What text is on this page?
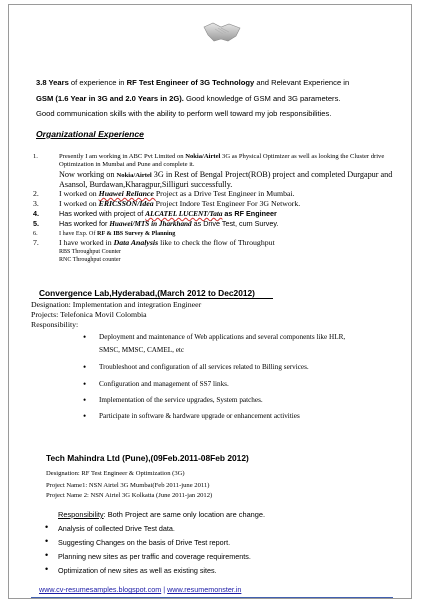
3.8 Years of experience in RF Test Engineer of 3G Technology and Relevant Experience in
GSM (1.6 Year in 3G and 2.0 Years in 2G). Good knowledge of GSM and 3G parameters.
Good communication skills with the ability to perform well toward my job responsibilities.
Organizational Experience
1.	Presently I am working in ABC Pvt Limited on Nokia/Airtel 3G as Physical Optimizer as well as looking the Cluster drive Optimization in Mumbai and Pune and complete it.
Now working on Nokia/Airtel 3G in Rest of Bengal Project(ROB) project and completed Durgapur and Asansol, Burdawan,Kharagpur,Silliguri successfully.
2.	I worked on Huawei Reliance Project as a Drive Test Engineer in Mumbai.
3.	I worked on ERICSSON/Idea Project Indore Test Engineer For 3G Network.
4.	Has worked with project of ALCATEL LUCENT/Tata as RF Engineer
5.	Has worked for Huawei/MTS in Jharkhand as Drive Test, cum Survey.
6.	I have Exp. Of RF & IBS Survey & Planning
7.	I have worked in Data Analysis like to check the flow of Throughput
RBS Throughput Counter
RNC Throughput counter
Convergence Lab,Hyderabad,(March 2012 to Dec2012)
Designation: Implementation and integration Engineer
Projects: Telefonica Movil Colombia
Responsibility:
• Deployment and maintenance of Web applications and several components like HLR,
SMSC, MMSC, CAMEL, etc
• Troubleshoot and configuration of all services related to Billing services.
• Configuration and management of SS7 links.
• Implementation of the service upgrades, System patches.
• Participate in software & hardware upgrade or enhancement activities
Tech Mahindra Ltd (Pune),(09Feb.2011-08Feb 2012)
Designation: RF Test Engineer & Optimization (3G)
Project Name1: NSN Airtel 3G Mumbai(Feb 2011-june 2011)
Project Name 2: NSN Airtel 3G Kolkatta (June 2011-jan 2012)
Responsibility: Both Project are same only location are change.
• Analysis of collected Drive Test data.
• Suggesting Changes on the basis of Drive Test report.
• Planning new sites as per traffic and coverage requirements.
• Optimization of new sites as well as existing sites.
www.cv-resumesamples.blogspot.com | www.resumemonster.in
